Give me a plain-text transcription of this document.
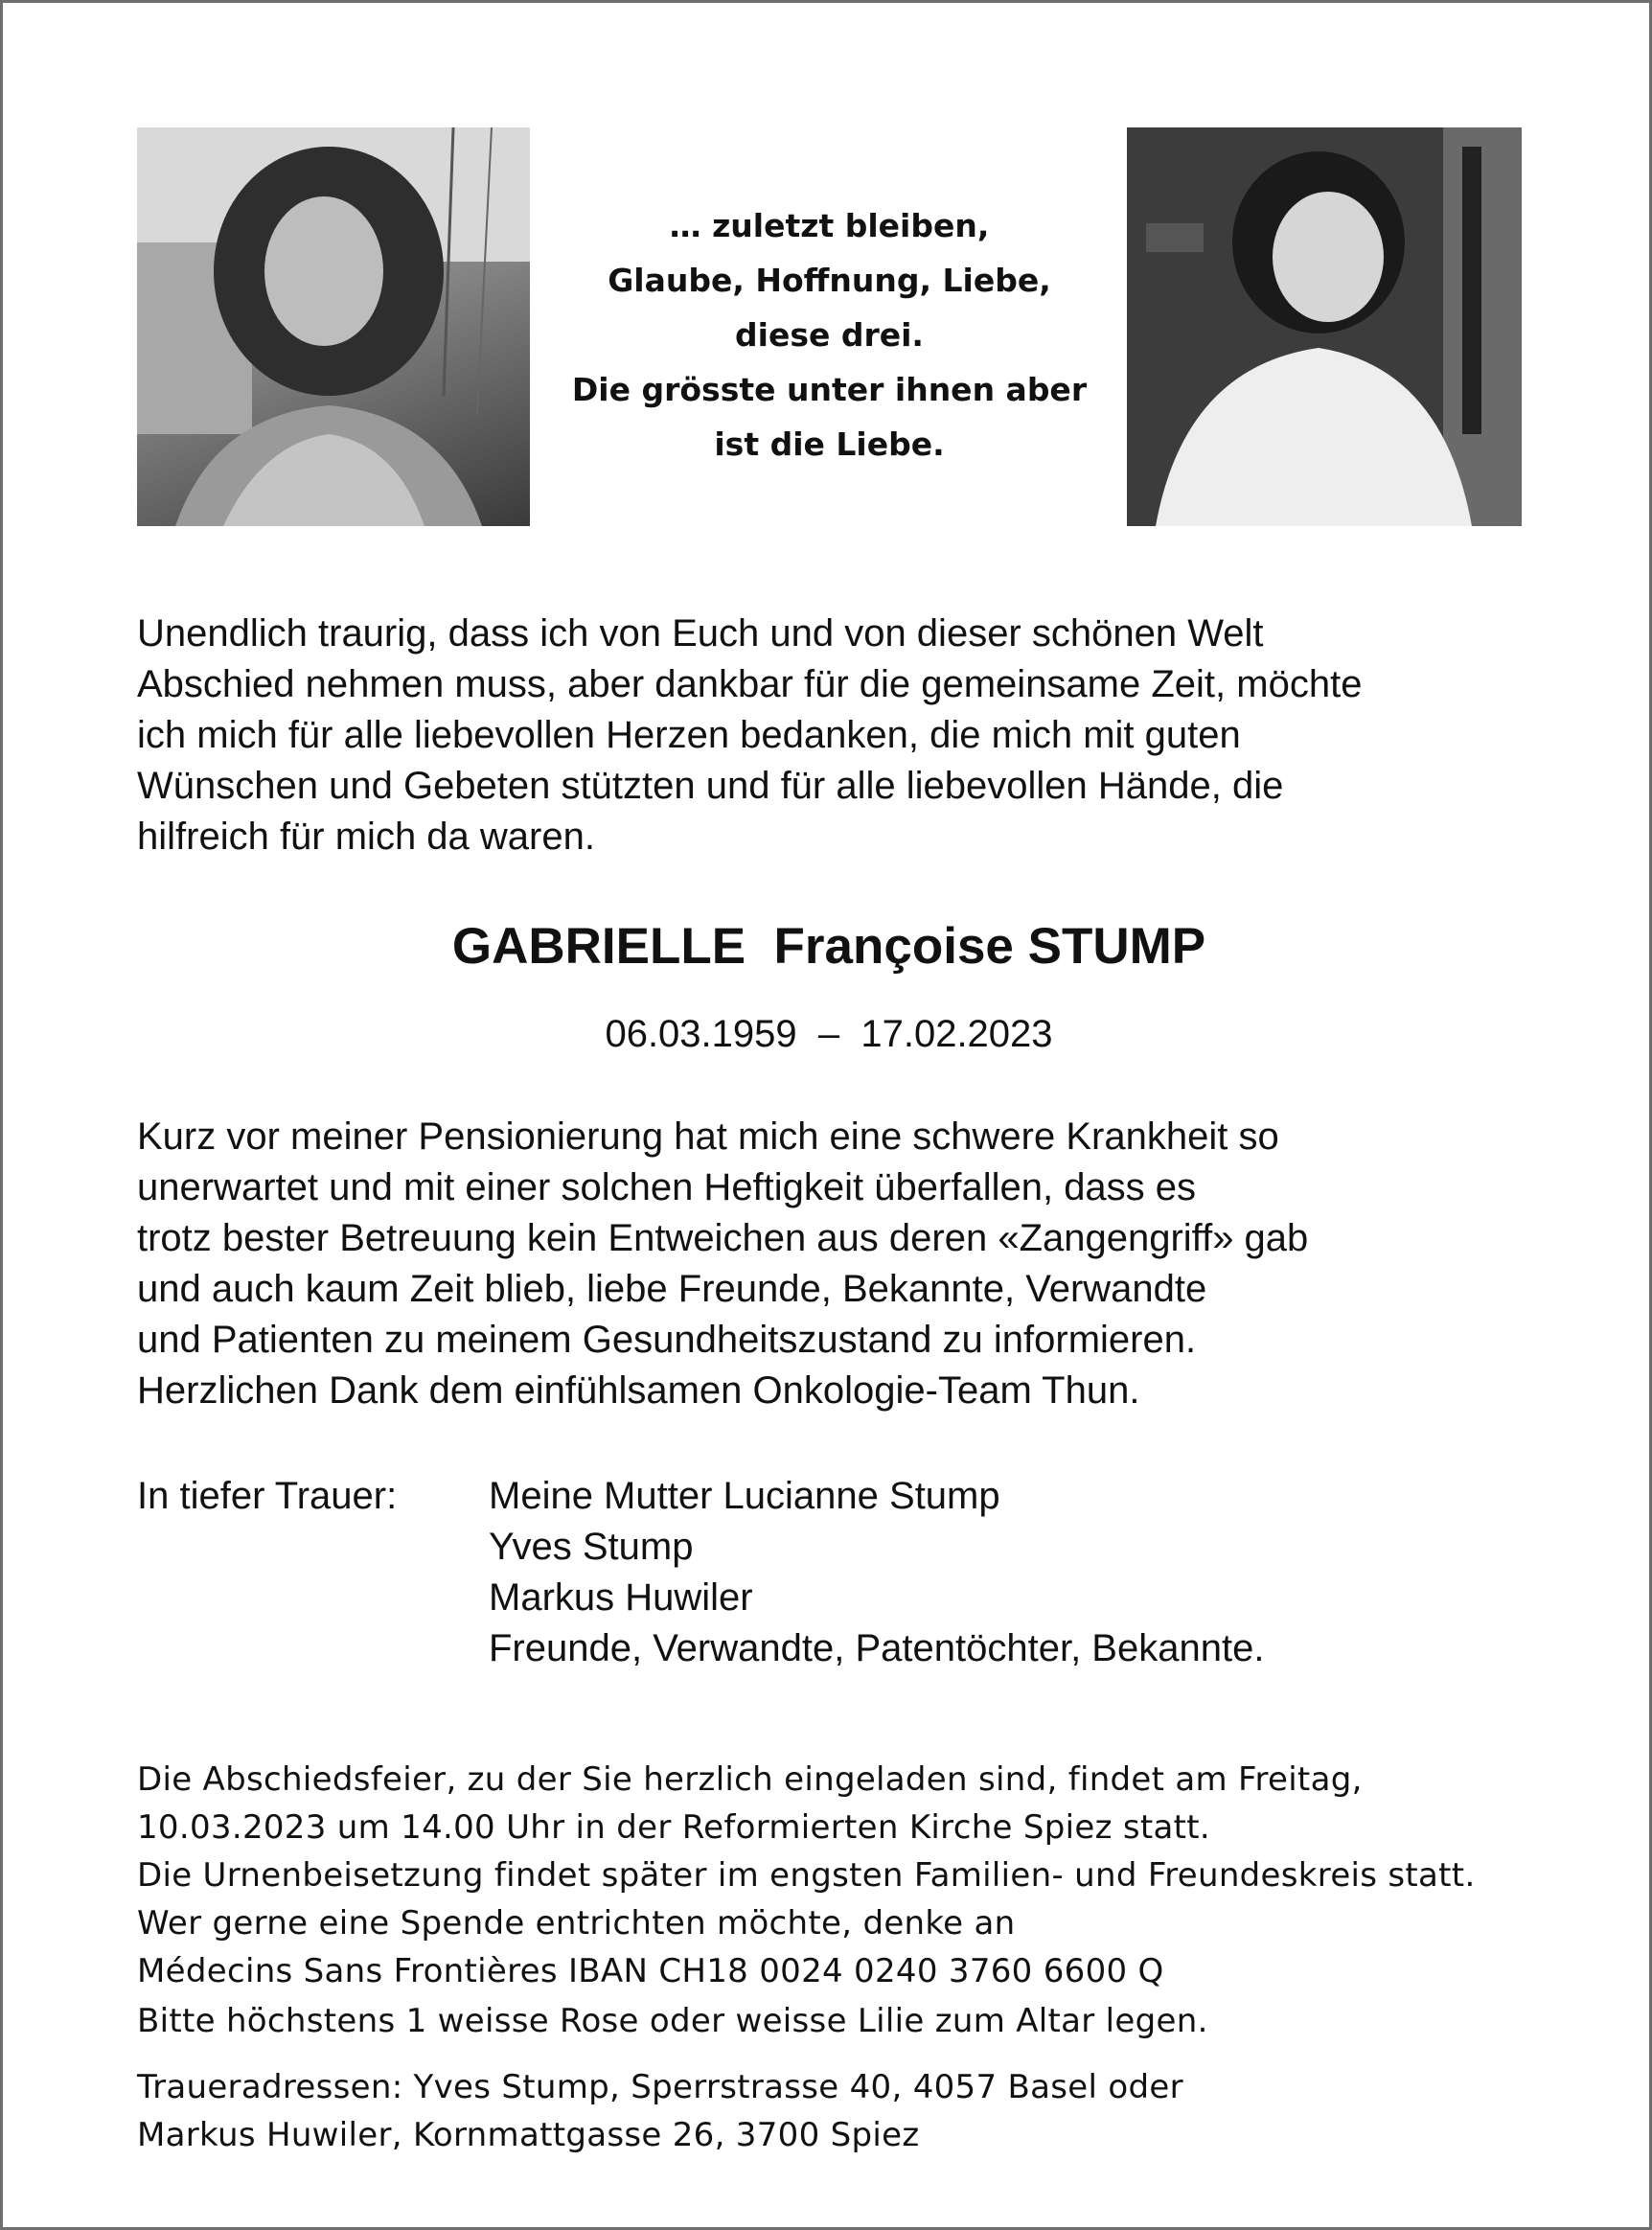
… zuletzt bleiben,
Glaube, Hoffnung, Liebe,
diese drei.
Die grösste unter ihnen aber
ist die Liebe.
Unendlich traurig, dass ich von Euch und von dieser schönen Welt
Abschied nehmen muss, aber dankbar für die gemeinsame Zeit, möchte
ich mich für alle liebevollen Herzen bedanken, die mich mit guten
Wünschen und Gebeten stützten und für alle liebevollen Hände, die
hilfreich für mich da waren.
GABRIELLE  Françoise STUMP
06.03.1959  –  17.02.2023
Kurz vor meiner Pensionierung hat mich eine schwere Krankheit so
unerwartet und mit einer solchen Heftigkeit überfallen, dass es
trotz bester Betreuung kein Entweichen aus deren «Zangengriff» gab
und auch kaum Zeit blieb, liebe Freunde, Bekannte, Verwandte
und Patienten zu meinem Gesundheitszustand zu informieren.
Herzlichen Dank dem einfühlsamen Onkologie-Team Thun.
In tiefer Trauer: Meine Mutter Lucianne Stump
Yves Stump
Markus Huwiler
Freunde, Verwandte, Patentöchter, Bekannte.
Die Abschiedsfeier, zu der Sie herzlich eingeladen sind, findet am Freitag,
10.03.2023 um 14.00 Uhr in der Reformierten Kirche Spiez statt.
Die Urnenbeisetzung findet später im engsten Familien- und Freundeskreis statt.
Wer gerne eine Spende entrichten möchte, denke an
Médecins Sans Frontières IBAN CH18 0024 0240 3760 6600 Q
Bitte höchstens 1 weisse Rose oder weisse Lilie zum Altar legen.
Traueradressen: Yves Stump, Sperrstrasse 40, 4057 Basel oder
Markus Huwiler, Kornmattgasse 26, 3700 Spiez
